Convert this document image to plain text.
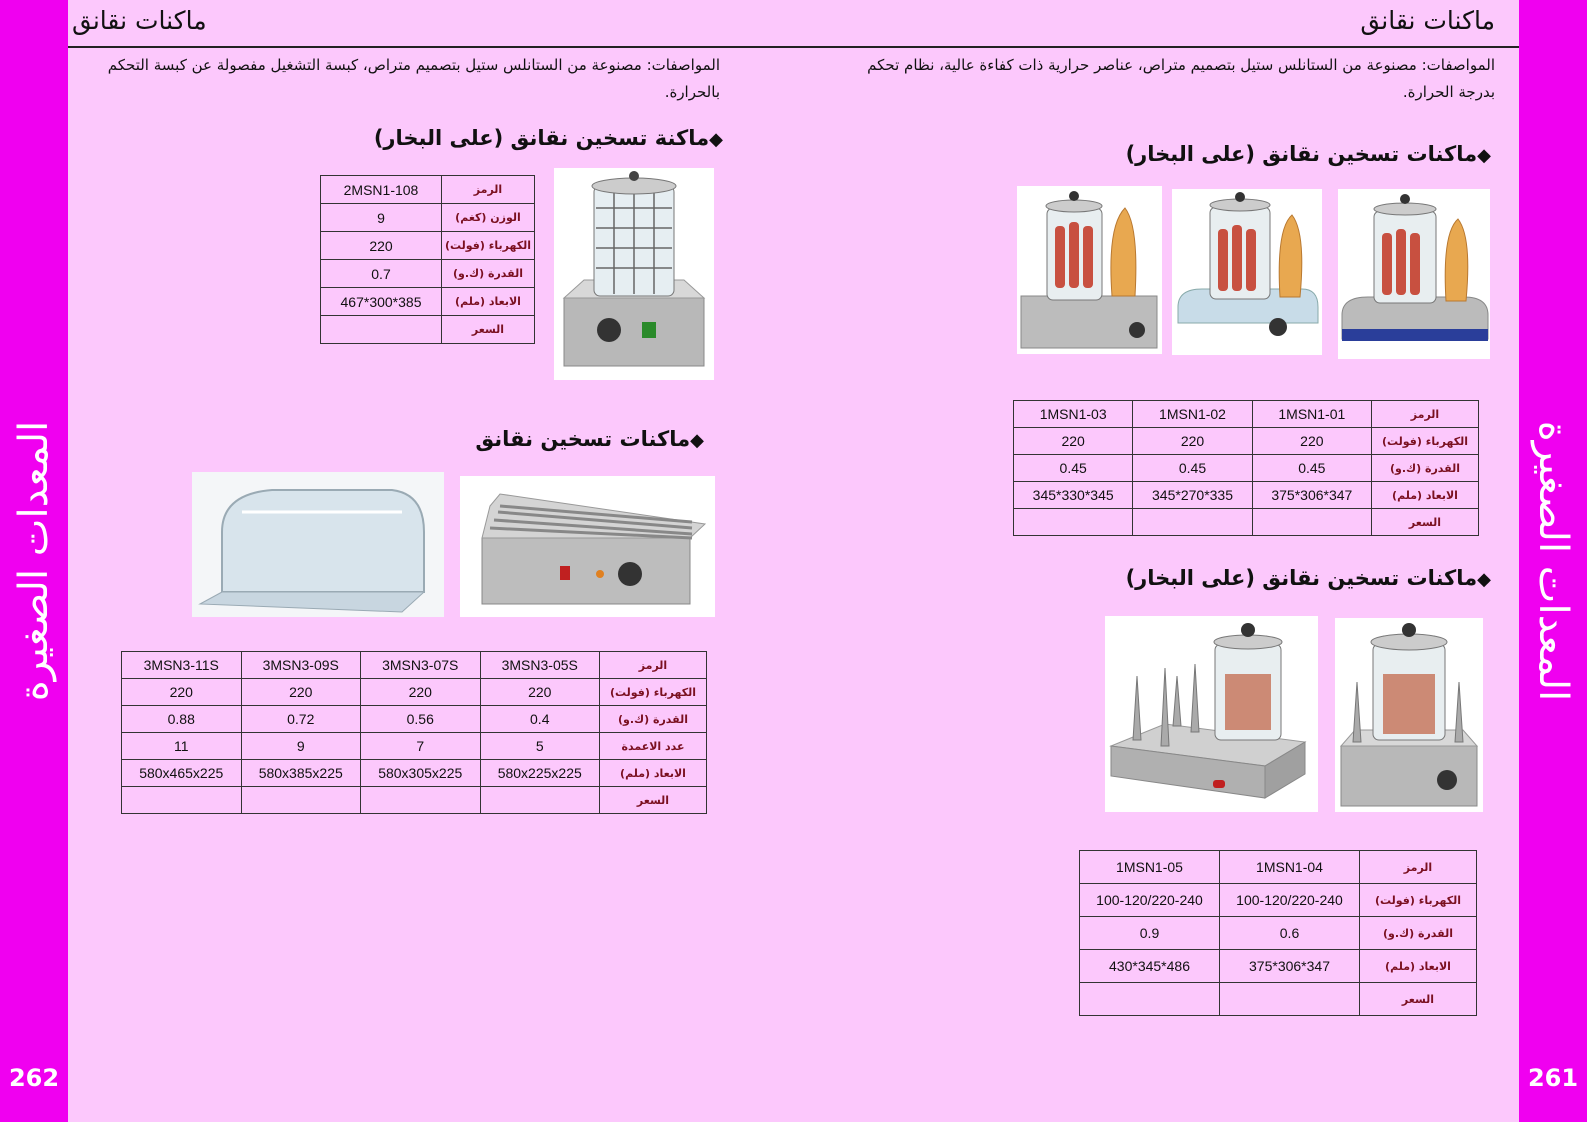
المعدات الصغيرة
262
المعدات الصغيرة
261
ماكنات نقانق
المواصفات: مصنوعة من الستانلس ستيل بتصميم متراص، كبسة التشغيل مفصولة عن كبسة التحكم بالحرارة.
◆ماكنة تسخين نقانق (على البخار)
الرمز	2MSN1-108
الوزن (كغم)	9
الكهرباء (فولت)	220
القدرة (ك.و)	0.7
الابعاد (ملم)	385*300*467
السعر	
◆ماكنات تسخين نقانق
الرمز	3MSN3-05S	3MSN3-07S	3MSN3-09S	3MSN3-11S
الكهرباء (فولت)	220	220	220	220
القدرة (ك.و)	0.4	0.56	0.72	0.88
عدد الاعمدة	5	7	9	11
الابعاد (ملم)	580x225x225	580x305x225	580x385x225	580x465x225
السعر				
ماكنات نقانق
المواصفات: مصنوعة من الستانلس ستيل بتصميم متراص، عناصر حرارية ذات كفاءة عالية، نظام تحكم بدرجة الحرارة.
◆ماكنات تسخين نقانق (على البخار)
الرمز	1MSN1-01	1MSN1-02	1MSN1-03
الكهرباء (فولت)	220	220	220
القدرة (ك.و)	0.45	0.45	0.45
الابعاد (ملم)	347*306*375	335*270*345	345*330*345
السعر			
◆ماكنات تسخين نقانق (على البخار)
الرمز	1MSN1-04	1MSN1-05
الكهرباء (فولت)	100-120/220-240	100-120/220-240
القدرة (ك.و)	0.6	0.9
الابعاد (ملم)	347*306*375	486*345*430
السعر		
